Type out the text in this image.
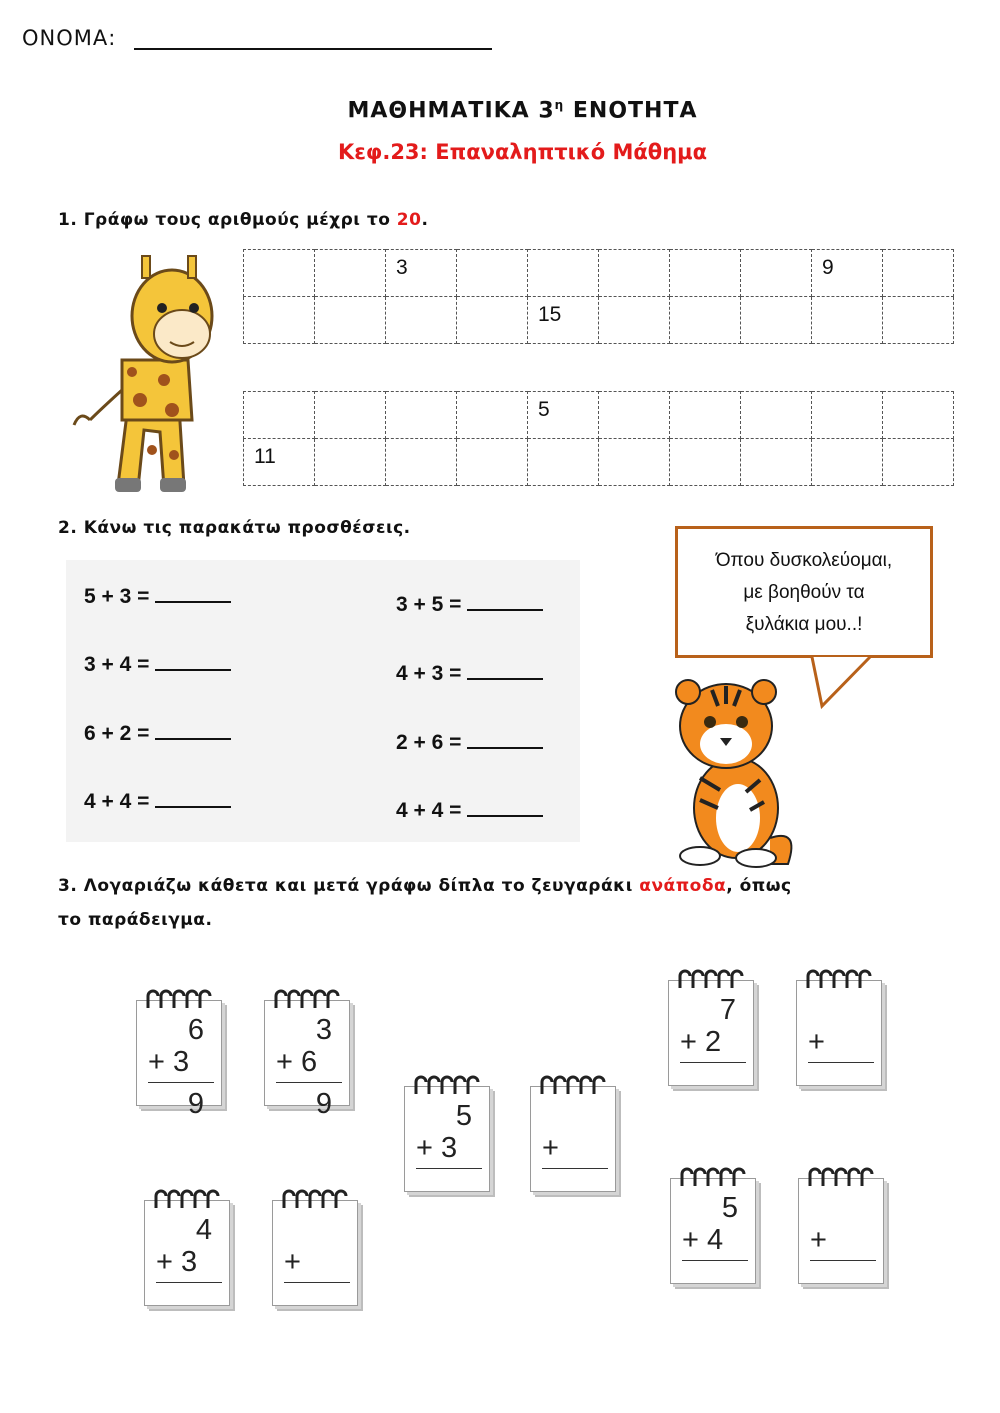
ΟΝΟΜΑ:
ΜΑΘΗΜΑΤΙΚΑ $3^\eta$ ΕΝΟΤΗΤΑ
Κεφ.23: Επαναληπτικό Μάθημα
1. Γράφω τους αριθμούς μέχρι το 20.

		3						9	

				15					

				5					

11									

2. Κάνω τις παρακάτω προσθέσεις.
5 + 3 =
3 + 4 =
6 + 2 =
4 + 4 =
3 + 5 =
4 + 3 =
2 + 6 =
4 + 4 =
Όπου δυσκολεύομαι,
με βοηθούν τα
ξυλάκια μου..!
3. Λογαριάζω κάθετα και μετά γράφω δίπλα το ζευγαράκι ανάποδα, όπως
το παράδειγμα.
6
+ 3
9
3
+ 6
9	5
+ 3	+
7
+ 2	+
4
+ 3	+
5
+ 4	+
